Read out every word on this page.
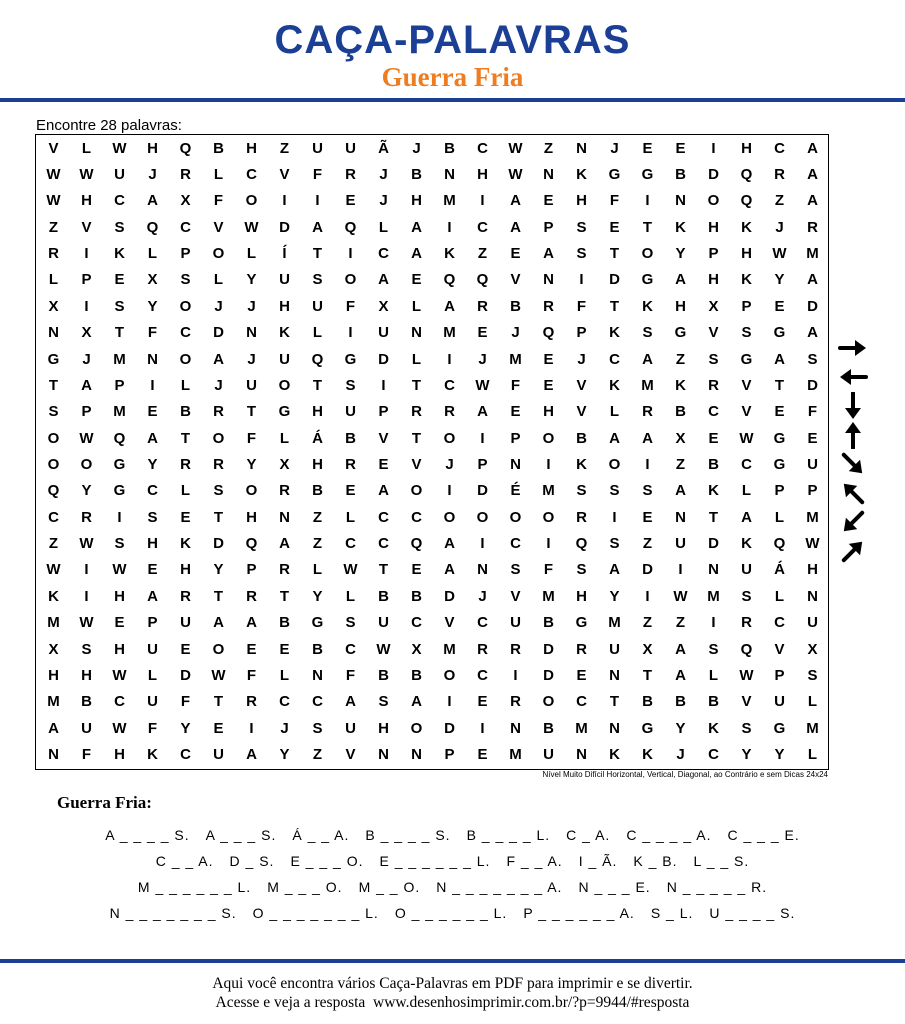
CAÇA-PALAVRAS
Guerra Fria
Encontre 28 palavras:
V	L	W	H	Q	B	H	Z	U	U	Ã	J	B	C	W	Z	N	J	E	E	I	H	C	A
W	W	U	J	R	L	C	V	F	R	J	B	N	H	W	N	K	G	G	B	D	Q	R	A
W	H	C	A	X	F	O	I	I	E	J	H	M	I	A	E	H	F	I	N	O	Q	Z	A
Z	V	S	Q	C	V	W	D	A	Q	L	A	I	C	A	P	S	E	T	K	H	K	J	R
R	I	K	L	P	O	L	Í	T	I	C	A	K	Z	E	A	S	T	O	Y	P	H	W	M
L	P	E	X	S	L	Y	U	S	O	A	E	Q	Q	V	N	I	D	G	A	H	K	Y	A
X	I	S	Y	O	J	J	H	U	F	X	L	A	R	B	R	F	T	K	H	X	P	E	D
N	X	T	F	C	D	N	K	L	I	U	N	M	E	J	Q	P	K	S	G	V	S	G	A
G	J	M	N	O	A	J	U	Q	G	D	L	I	J	M	E	J	C	A	Z	S	G	A	S
T	A	P	I	L	J	U	O	T	S	I	T	C	W	F	E	V	K	M	K	R	V	T	D
S	P	M	E	B	R	T	G	H	U	P	R	R	A	E	H	V	L	R	B	C	V	E	F
O	W	Q	A	T	O	F	L	Á	B	V	T	O	I	P	O	B	A	A	X	E	W	G	E
O	O	G	Y	R	R	Y	X	H	R	E	V	J	P	N	I	K	O	I	Z	B	C	G	U
Q	Y	G	C	L	S	O	R	B	E	A	O	I	D	É	M	S	S	S	A	K	L	P	P
C	R	I	S	E	T	H	N	Z	L	C	C	O	O	O	O	R	I	E	N	T	A	L	M
Z	W	S	H	K	D	Q	A	Z	C	C	Q	A	I	C	I	Q	S	Z	U	D	K	Q	W
W	I	W	E	H	Y	P	R	L	W	T	E	A	N	S	F	S	A	D	I	N	U	Á	H
K	I	H	A	R	T	R	T	Y	L	B	B	D	J	V	M	H	Y	I	W	M	S	L	N
M	W	E	P	U	A	A	B	G	S	U	C	V	C	U	B	G	M	Z	Z	I	R	C	U
X	S	H	U	E	O	E	E	B	C	W	X	M	R	R	D	R	U	X	A	S	Q	V	X
H	H	W	L	D	W	F	L	N	F	B	B	O	C	I	D	E	N	T	A	L	W	P	S
M	B	C	U	F	T	R	C	C	A	S	A	I	E	R	O	C	T	B	B	B	V	U	L
A	U	W	F	Y	E	I	J	S	U	H	O	D	I	N	B	M	N	G	Y	K	S	G	M
N	F	H	K	C	U	A	Y	Z	V	N	N	P	E	M	U	N	K	K	J	C	Y	Y	L
Nível Muito Difícil Horizontal, Vertical, Diagonal, ao Contrário e sem Dicas 24x24
Guerra Fria:
A _ _ _ _ S. A _ _ _ S. Á _ _ A. B _ _ _ _ S. B _ _ _ _ L. C _ A. C _ _ _ _ A. C _ _ _ E.
C _ _ A. D _ S. E _ _ _ O. E _ _ _ _ _ _ L. F _ _ A. I _ Ã. K _ B. L _ _ S.
M _ _ _ _ _ _ L. M _ _ _ O. M _ _ O. N _ _ _ _ _ _ _ A. N _ _ _ E. N _ _ _ _ _ R.
N _ _ _ _ _ _ _ S. O _ _ _ _ _ _ _ L. O _ _ _ _ _ _ L. P _ _ _ _ _ _ A. S _ L. U _ _ _ _ S.
Aqui você encontra vários Caça-Palavras em PDF para imprimir e se divertir.
Acesse e veja a resposta  www.desenhosimprimir.com.br/?p=9944/#resposta
